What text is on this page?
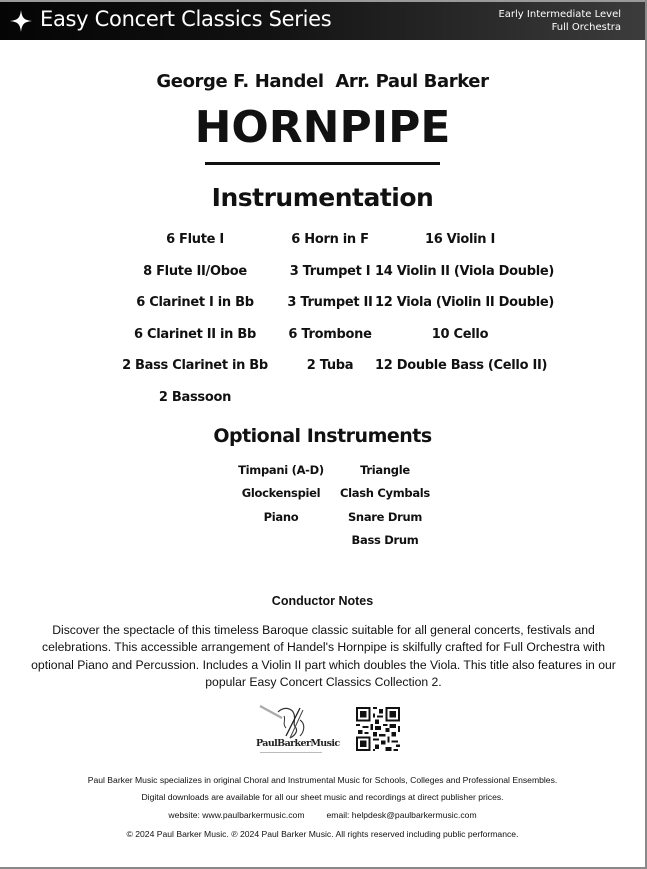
Easy Concert Classics Series	Early Intermediate Level
Full Orchestra
George F. Handel  Arr. Paul Barker
HORNPIPE
Instrumentation
6 Flute I
8 Flute II/Oboe
6 Clarinet I in Bb
6 Clarinet II in Bb
2 Bass Clarinet in Bb
2 Bassoon
6 Horn in F
3 Trumpet I
3 Trumpet II
6 Trombone
2 Tuba
16 Violin I
14 Violin II (Viola Double)
12 Viola (Violin II Double)
10 Cello
12 Double Bass (Cello II)
Optional Instruments
Timpani (A-D)
Glockenspiel
Piano
Triangle
Clash Cymbals
Snare Drum
Bass Drum
Conductor Notes
Discover the spectacle of this timeless Baroque classic suitable for all general concerts, festivals and celebrations. This accessible arrangement of Handel's Hornpipe is skilfully crafted for Full Orchestra with optional Piano and Percussion. Includes a Violin II part which doubles the Viola. This title also features in our popular Easy Concert Classics Collection 2.
PaulBarkerMusic
Paul Barker Music specializes in original Choral and Instrumental Music for Schools, Colleges and Professional Ensembles.
Digital downloads are available for all our sheet music and recordings at direct publisher prices.
website: www.paulbarkermusic.com	email: helpdesk@paulbarkermusic.com
© 2024 Paul Barker Music. ℗ 2024 Paul Barker Music. All rights reserved including public performance.
